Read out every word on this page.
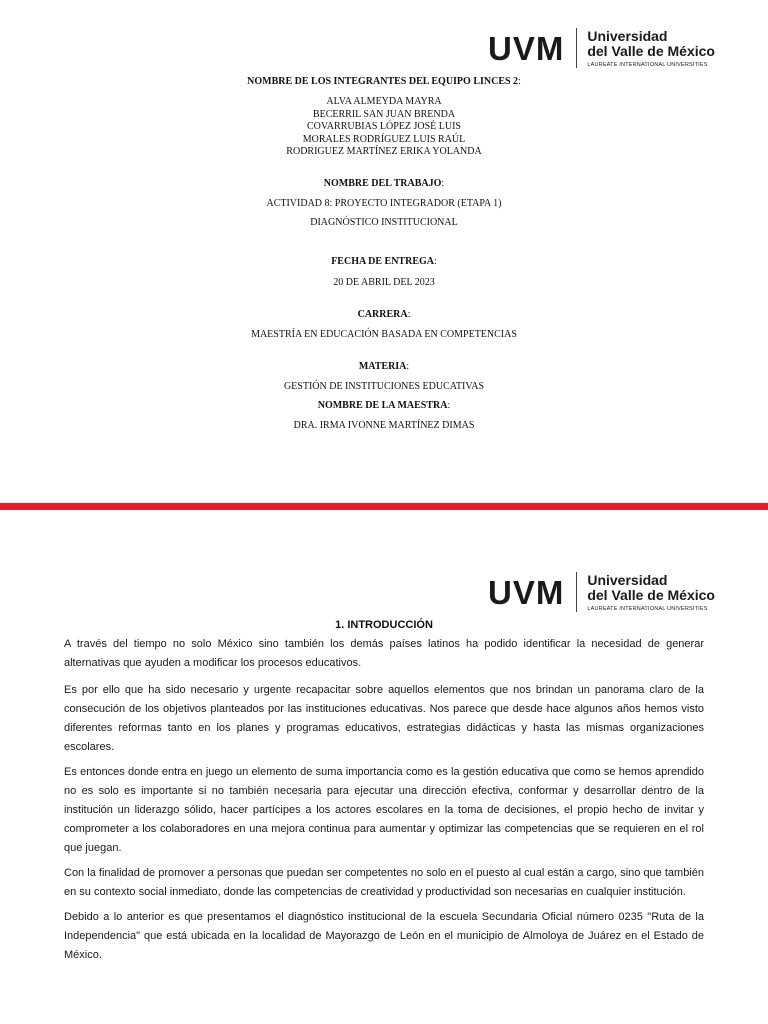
UVM Universidad
del Valle de México
LAUREATE INTERNATIONAL UNIVERSITIES
NOMBRE DE LOS INTEGRANTES DEL EQUIPO LINCES 2:
ALVA ALMEYDA MAYRA
BECERRIL SAN JUAN BRENDA
COVARRUBIAS LÓPEZ JOSÉ LUIS
MORALES RODRÍGUEZ LUIS RAÚL
RODRIGUEZ MARTÍNEZ ERIKA YOLANDA
NOMBRE DEL TRABAJO:
ACTIVIDAD 8: PROYECTO INTEGRADOR (ETAPA 1)
DIAGNÓSTICO INSTITUCIONAL
FECHA DE ENTREGA:
20 DE ABRIL DEL 2023
CARRERA:
MAESTRÍA EN EDUCACIÓN BASADA EN COMPETENCIAS
MATERIA:
GESTIÓN DE INSTITUCIONES EDUCATIVAS
NOMBRE DE LA MAESTRA:
DRA. IRMA IVONNE MARTÍNEZ DIMAS
UVM Universidad
del Valle de México
LAUREATE INTERNATIONAL UNIVERSITIES
1. INTRODUCCIÓN

A través del tiempo no solo México sino también los demás países latinos ha podido identificar la necesidad de generar alternativas que ayuden a modificar los procesos educativos.

Es por ello que ha sido necesario y urgente recapacitar sobre aquellos elementos que nos brindan un panorama claro de la consecución de los objetivos planteados por las instituciones educativas. Nos parece que desde hace algunos años hemos visto diferentes reformas tanto en los planes y programas educativos, estrategias didácticas y hasta las mismas organizaciones escolares.

Es entonces donde entra en juego un elemento de suma importancia como es la gestión educativa que como se hemos aprendido no es solo es importante si no también necesaria para ejecutar una dirección efectiva, conformar y desarrollar dentro de la institución un liderazgo sólido, hacer partícipes a los actores escolares en la toma de decisiones, el propio hecho de invitar y comprometer a los colaboradores en una mejora continua para aumentar y optimizar las competencias que se requieren en el rol que juegan.

Con la finalidad de promover a personas que puedan ser competentes no solo en el puesto al cual están a cargo, sino que también en su contexto social inmediato, donde las competencias de creatividad y productividad son necesarias en cualquier institución.

Debido a lo anterior es que presentamos el diagnóstico institucional de la escuela Secundaria Oficial número 0235 "Ruta de la Independencia" que está ubicada en la localidad de Mayorazgo de León en el municipio de Almoloya de Juárez en el Estado de México.
